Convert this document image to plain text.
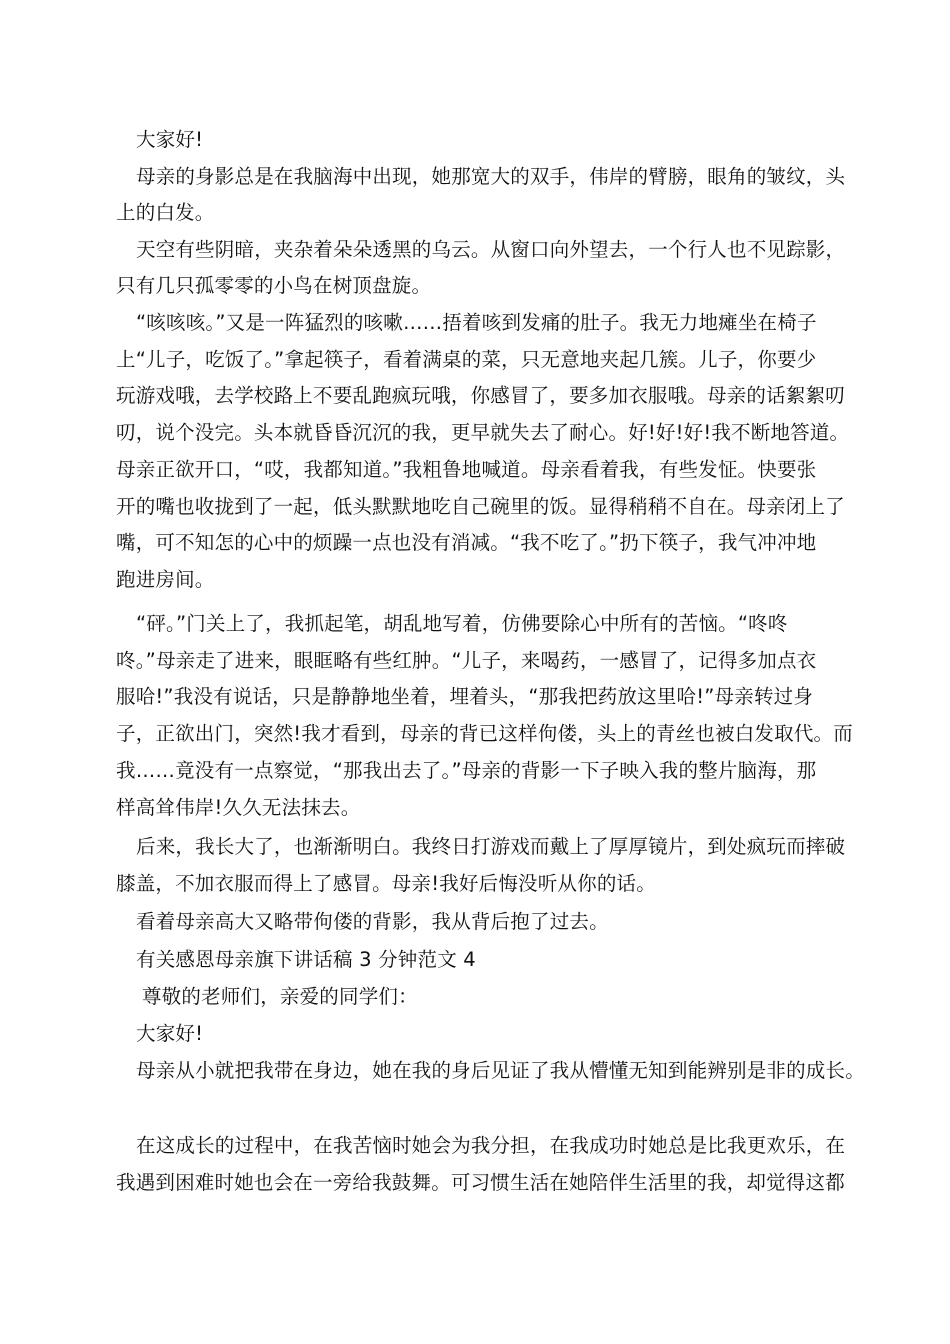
大家好!
母亲的身影总是在我脑海中出现，她那宽大的双手，伟岸的臂膀，眼角的皱纹，头
上的白发。
天空有些阴暗，夹杂着朵朵透黑的乌云。从窗口向外望去，一个行人也不见踪影，
只有几只孤零零的小鸟在树顶盘旋。
“咳咳咳。”又是一阵猛烈的咳嗽……捂着咳到发痛的肚子。我无力地瘫坐在椅子
上“儿子，吃饭了。”拿起筷子，看着满桌的菜，只无意地夹起几簇。儿子，你要少
玩游戏哦，去学校路上不要乱跑疯玩哦，你感冒了，要多加衣服哦。母亲的话絮絮叨
叨，说个没完。头本就昏昏沉沉的我，更早就失去了耐心。好!好!好!我不断地答道。
母亲正欲开口，“哎，我都知道。”我粗鲁地喊道。母亲看着我，有些发怔。快要张
开的嘴也收拢到了一起，低头默默地吃自己碗里的饭。显得稍稍不自在。母亲闭上了
嘴，可不知怎的心中的烦躁一点也没有消减。“我不吃了。”扔下筷子，我气冲冲地
跑进房间。
“砰。”门关上了，我抓起笔，胡乱地写着，仿佛要除心中所有的苦恼。“咚咚
咚。”母亲走了进来，眼眶略有些红肿。“儿子，来喝药，一感冒了，记得多加点衣
服哈!”我没有说话，只是静静地坐着，埋着头，“那我把药放这里哈!”母亲转过身
子，正欲出门，突然!我才看到，母亲的背已这样佝偻，头上的青丝也被白发取代。而
我……竟没有一点察觉，“那我出去了。”母亲的背影一下子映入我的整片脑海，那
样高耸伟岸!久久无法抹去。
后来，我长大了，也渐渐明白。我终日打游戏而戴上了厚厚镜片，到处疯玩而摔破
膝盖，不加衣服而得上了感冒。母亲!我好后悔没听从你的话。
看着母亲高大又略带佝偻的背影，我从背后抱了过去。
有关感恩母亲旗下讲话稿 3 分钟范文 4
尊敬的老师们，亲爱的同学们：
大家好!
母亲从小就把我带在身边，她在我的身后见证了我从懵懂无知到能辨别是非的成长。
在这成长的过程中，在我苦恼时她会为我分担，在我成功时她总是比我更欢乐，在
我遇到困难时她也会在一旁给我鼓舞。可习惯生活在她陪伴生活里的我，却觉得这都
